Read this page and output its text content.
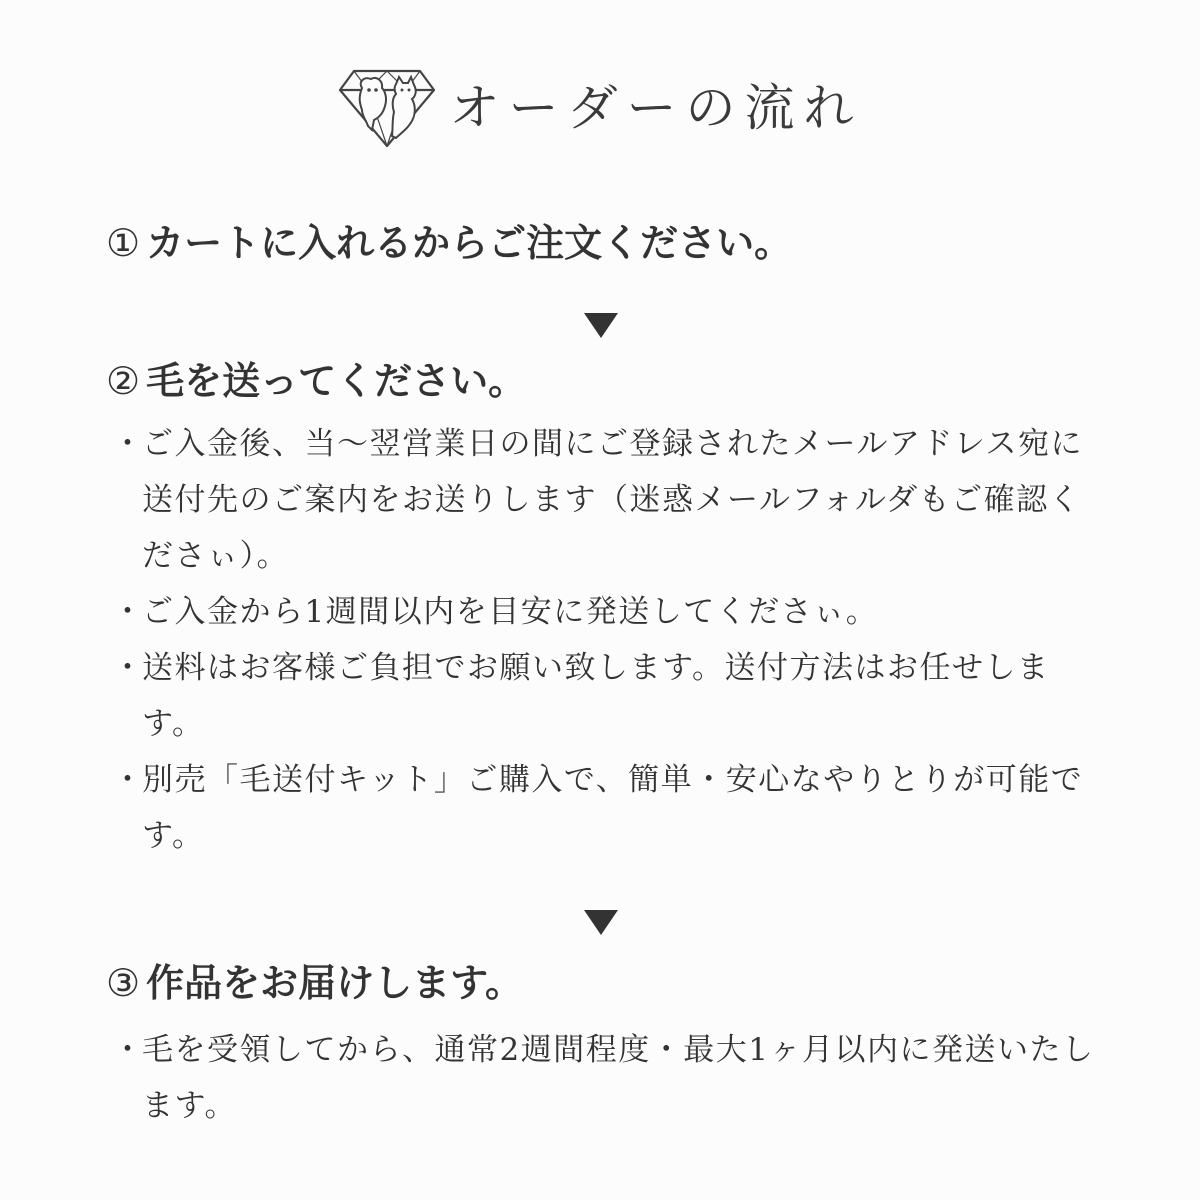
オーダーの流れ
① カートに入れるからご注文ください。
② 毛を送ってください。
・
ご入金後、当〜翌営業日の間にご登録されたメールアドレス宛に送付先のご案内をお送りします（迷惑メールフォルダもご確認くださぃ）。
・
ご入金から1週間以内を目安に発送してくださぃ。
・
送料はお客様ご負担でお願い致します。送付方法はお任せします。
・
別売「毛送付キット」ご購入で、簡単・安心なやりとりが可能です。
③ 作品をお届けします。
・
毛を受領してから、通常2週間程度・最大1ヶ月以内に発送いたします。
